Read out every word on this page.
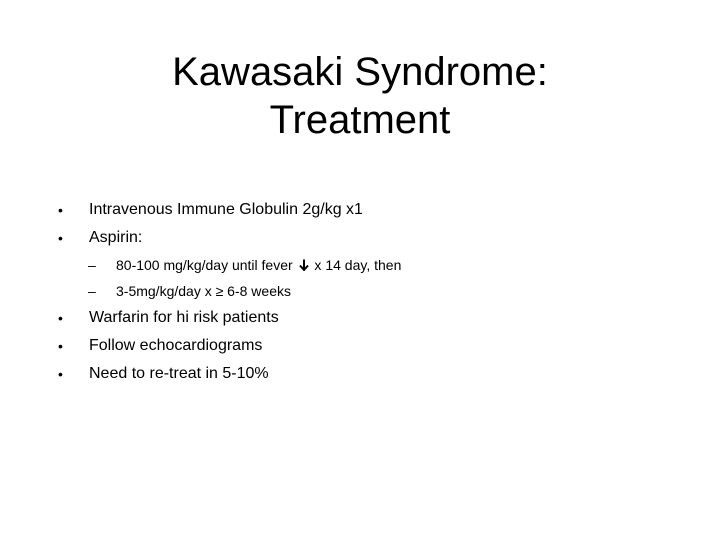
Kawasaki Syndrome:
Treatment
• Intravenous Immune Globulin 2g/kg x1
• Aspirin:
– 80-100 mg/kg/day until fever  x 14 day, then
– 3-5mg/kg/day x ≥ 6-8 weeks
• Warfarin for hi risk patients
• Follow echocardiograms
• Need to re-treat in 5-10%
